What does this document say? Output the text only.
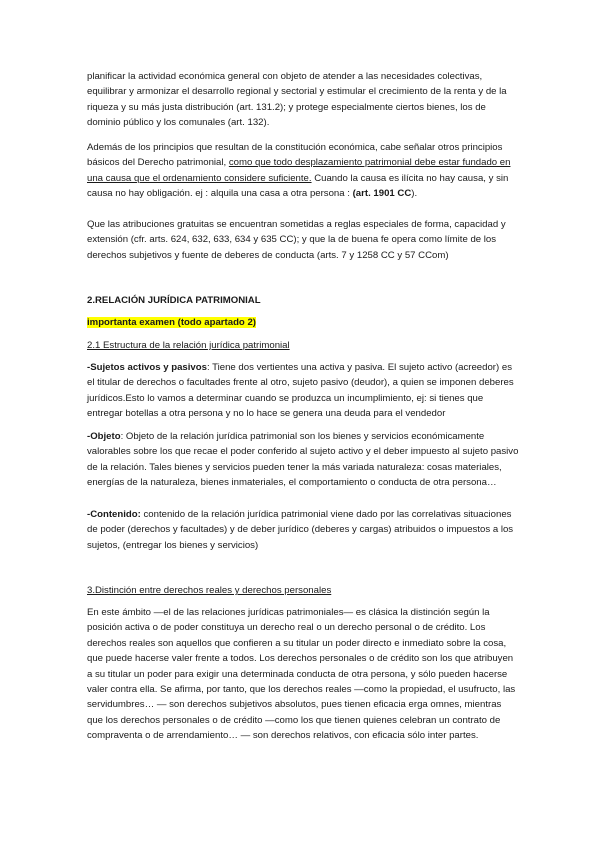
planificar la actividad económica general con objeto de atender a las necesidades colectivas, equilibrar y armonizar el desarrollo regional y sectorial y estimular el crecimiento de la renta y de la riqueza y su más justa distribución (art. 131.2); y protege especialmente ciertos bienes, los de dominio público y los comunales (art. 132).

Además de los principios que resultan de la constitución económica, cabe señalar otros principios básicos del Derecho patrimonial, como que todo desplazamiento patrimonial debe estar fundado en una causa que el ordenamiento considere suficiente. Cuando la causa es ilícita no hay causa, y sin causa no hay obligación. ej : alquila una casa a otra persona : (art. 1901 CC).

Que las atribuciones gratuitas se encuentran sometidas a reglas especiales de forma, capacidad y extensión (cfr. arts. 624, 632, 633, 634 y 635 CC); y que la de buena fe opera como límite de los derechos subjetivos y fuente de deberes de conducta (arts. 7 y 1258 CC y 57 CCom)

2.RELACIÓN JURÍDICA PATRIMONIAL

importanta examen (todo apartado 2)

2.1 Estructura de la relación jurídica patrimonial

-Sujetos activos y pasivos: Tiene dos vertientes una activa y pasiva. El sujeto activo (acreedor) es el titular de derechos o facultades frente al otro, sujeto pasivo (deudor), a quien se imponen deberes jurídicos.Esto lo vamos a determinar cuando se produzca un incumplimiento, ej: si tienes que entregar botellas a otra persona y no lo hace se genera una deuda para el vendedor

-Objeto: Objeto de la relación jurídica patrimonial son los bienes y servicios económicamente valorables sobre los que recae el poder conferido al sujeto activo y el deber impuesto al sujeto pasivo de la relación. Tales bienes y servicios pueden tener la más variada naturaleza: cosas materiales, energías de la naturaleza, bienes inmateriales, el comportamiento o conducta de otra persona…

-Contenido: contenido de la relación jurídica patrimonial viene dado por las correlativas situaciones de poder (derechos y facultades) y de deber jurídico (deberes y cargas) atribuidos o impuestos a los sujetos, (entregar los bienes y servicios)

3.Distinción entre derechos reales y derechos personales

En este ámbito —el de las relaciones jurídicas patrimoniales— es clásica la distinción según la posición activa o de poder constituya un derecho real o un derecho personal o de crédito. Los derechos reales son aquellos que confieren a su titular un poder directo e inmediato sobre la cosa, que puede hacerse valer frente a todos. Los derechos personales o de crédito son los que atribuyen a su titular un poder para exigir una determinada conducta de otra persona, y sólo pueden hacerse valer contra ella. Se afirma, por tanto, que los derechos reales —como la propiedad, el usufructo, las servidumbres… — son derechos subjetivos absolutos, pues tienen eficacia erga omnes, mientras que los derechos personales o de crédito —como los que tienen quienes celebran un contrato de compraventa o de arrendamiento… — son derechos relativos, con eficacia sólo inter partes.
